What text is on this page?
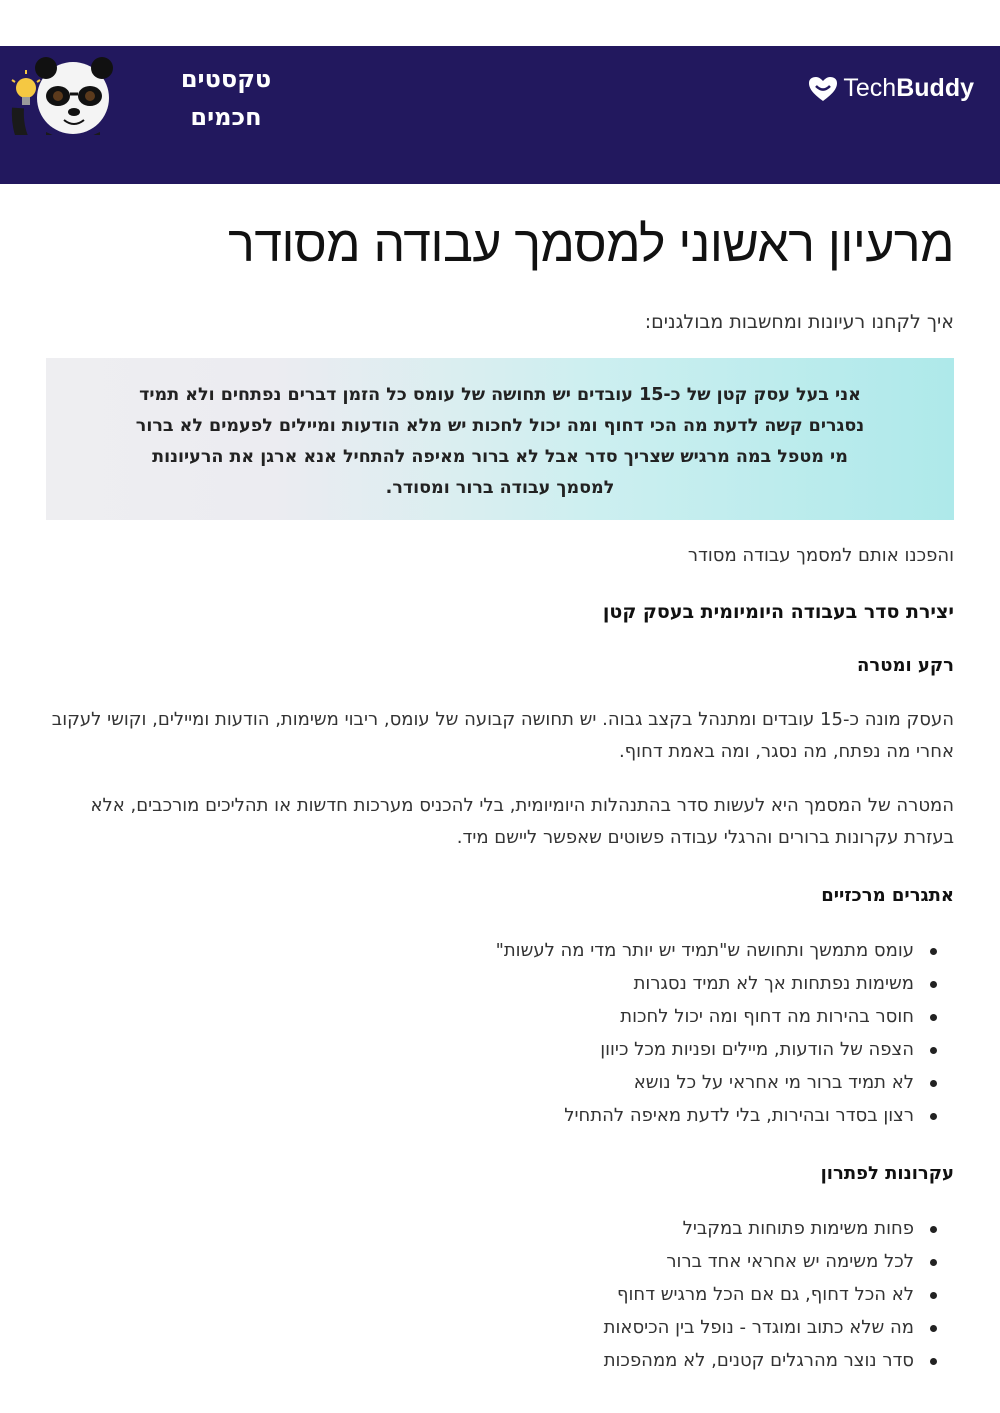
טקסטים
חכמים
Tech Buddy
מרעיון ראשוני למסמך עבודה מסודר

איך לקחנו רעיונות ומחשבות מבולגנים:

אני בעל עסק קטן של כ-15 עובדים יש תחושה של עומס כל הזמן דברים נפתחים ולא תמיד נסגרים קשה לדעת מה הכי דחוף ומה יכול לחכות יש מלא הודעות ומיילים לפעמים לא ברור מי מטפל במה מרגיש שצריך סדר אבל לא ברור מאיפה להתחיל אנא ארגן את הרעיונות למסמך עבודה ברור ומסודר.

והפכנו אותם למסמך עבודה מסודר

יצירת סדר בעבודה היומיומית בעסק קטן

רקע ומטרה

העסק מונה כ-15 עובדים ומתנהל בקצב גבוה. יש תחושה קבועה של עומס, ריבוי משימות, הודעות ומיילים, וקושי לעקוב אחרי מה נפתח, מה נסגר, ומה באמת דחוף.

המטרה של המסמך היא לעשות סדר בהתנהלות היומיומית, בלי להכניס מערכות חדשות או תהליכים מורכבים, אלא בעזרת עקרונות ברורים והרגלי עבודה פשוטים שאפשר ליישם מיד.

אתגרים מרכזיים

עומס מתמשך ותחושה ש"תמיד יש יותר מדי מה לעשות"
משימות נפתחות אך לא תמיד נסגרות
חוסר בהירות מה דחוף ומה יכול לחכות
הצפה של הודעות, מיילים ופניות מכל כיוון
לא תמיד ברור מי אחראי על כל נושא
רצון בסדר ובהירות, בלי לדעת מאיפה להתחיל

עקרונות לפתרון

פחות משימות פתוחות במקביל
לכל משימה יש אחראי אחד ברור
לא הכל דחוף, גם אם הכל מרגיש דחוף
מה שלא כתוב ומוגדר - נופל בין הכיסאות
סדר נוצר מהרגלים קטנים, לא ממהפכות
